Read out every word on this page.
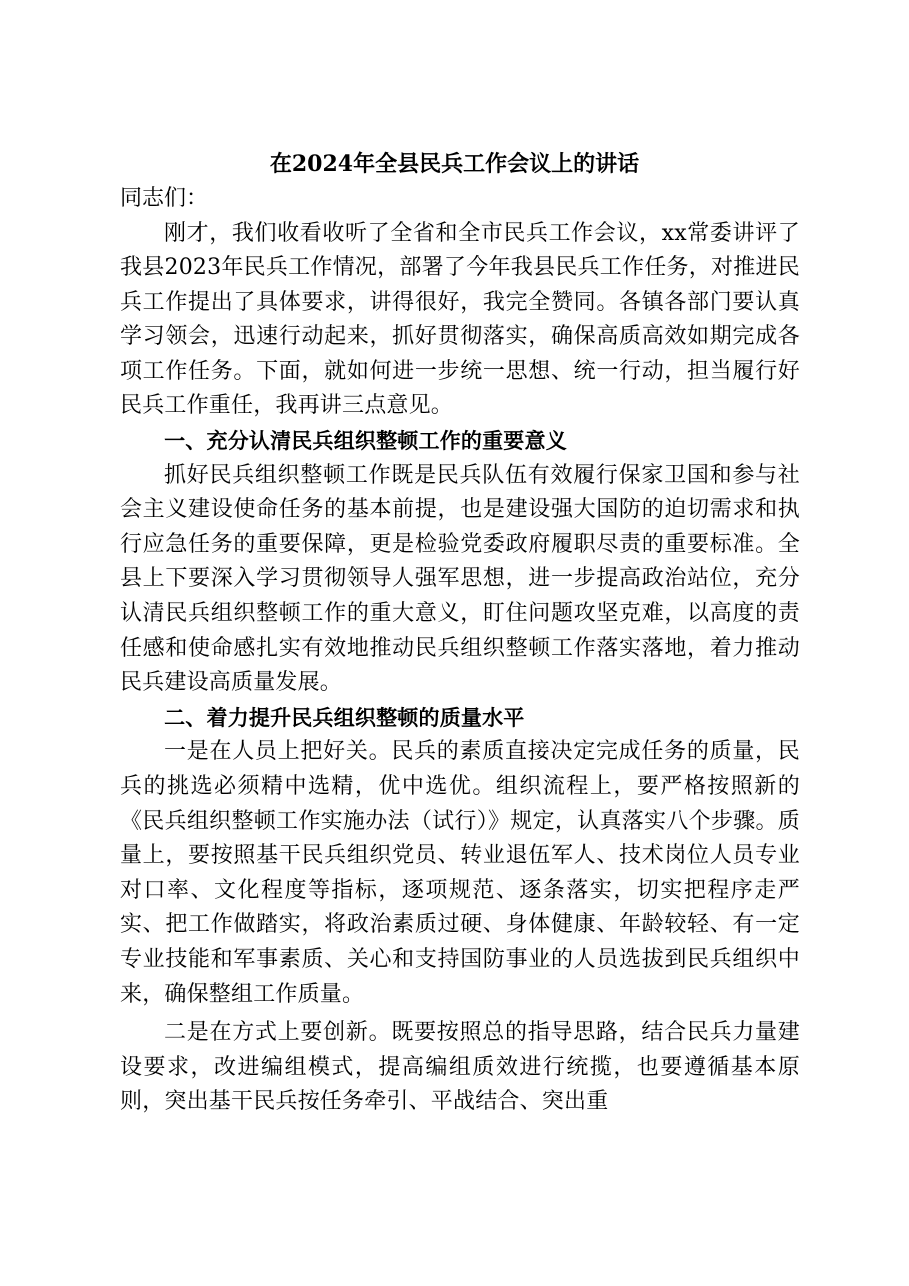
在2024年全县民兵工作会议上的讲话
同志们：

刚才，我们收看收听了全省和全市民兵工作会议，xx常委讲评了我县2023年民兵工作情况，部署了今年我县民兵工作任务，对推进民兵工作提出了具体要求，讲得很好，我完全赞同。各镇各部门要认真学习领会，迅速行动起来，抓好贯彻落实，确保高质高效如期完成各项工作任务。下面，就如何进一步统一思想、统一行动，担当履行好民兵工作重任，我再讲三点意见。

一、充分认清民兵组织整顿工作的重要意义

抓好民兵组织整顿工作既是民兵队伍有效履行保家卫国和参与社会主义建设使命任务的基本前提，也是建设强大国防的迫切需求和执行应急任务的重要保障，更是检验党委政府履职尽责的重要标准。全县上下要深入学习贯彻领导人强军思想，进一步提高政治站位，充分认清民兵组织整顿工作的重大意义，盯住问题攻坚克难，以高度的责任感和使命感扎实有效地推动民兵组织整顿工作落实落地，着力推动民兵建设高质量发展。

二、着力提升民兵组织整顿的质量水平

一是在人员上把好关。民兵的素质直接决定完成任务的质量，民兵的挑选必须精中选精，优中选优。组织流程上，要严格按照新的《民兵组织整顿工作实施办法（试行）》规定，认真落实八个步骤。质量上，要按照基干民兵组织党员、转业退伍军人、技术岗位人员专业对口率、文化程度等指标，逐项规范、逐条落实，切实把程序走严实、把工作做踏实，将政治素质过硬、身体健康、年龄较轻、有一定专业技能和军事素质、关心和支持国防事业的人员选拔到民兵组织中来，确保整组工作质量。

二是在方式上要创新。既要按照总的指导思路，结合民兵力量建设要求，改进编组模式，提高编组质效进行统揽，也要遵循基本原则，突出基干民兵按任务牵引、平战结合、突出重
